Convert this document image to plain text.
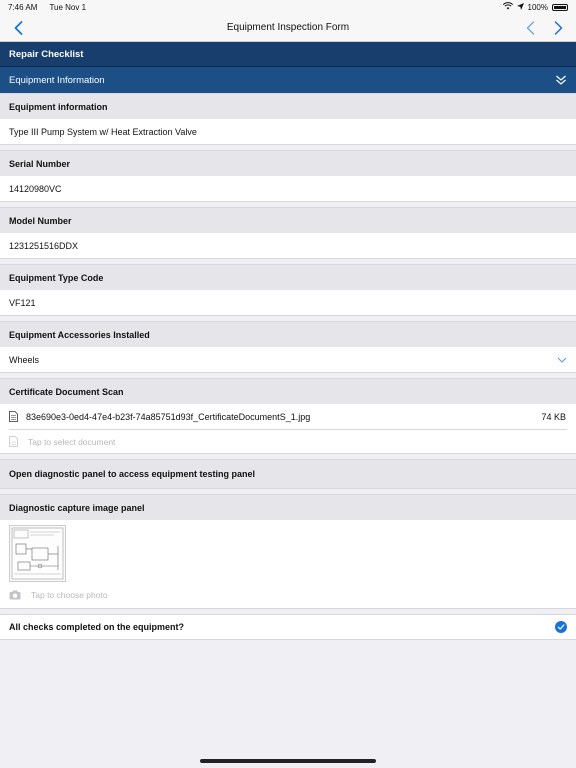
7:46 AM Tue Nov 1	100%
Equipment Inspection Form
Repair Checklist
Equipment Information
Equipment information
Type III Pump System w/ Heat Extraction Valve
Serial Number
14120980VC
Model Number
1231251516DDX
Equipment Type Code
VF121
Equipment Accessories Installed
Wheels
Certificate Document Scan
83e690e3-0ed4-47e4-b23f-74a85751d93f_CertificateDocumentS_1.jpg	74 KB
Tap to select document
Open diagnostic panel to access equipment testing panel
Diagnostic capture image panel
Tap to choose photo
All checks completed on the equipment?
